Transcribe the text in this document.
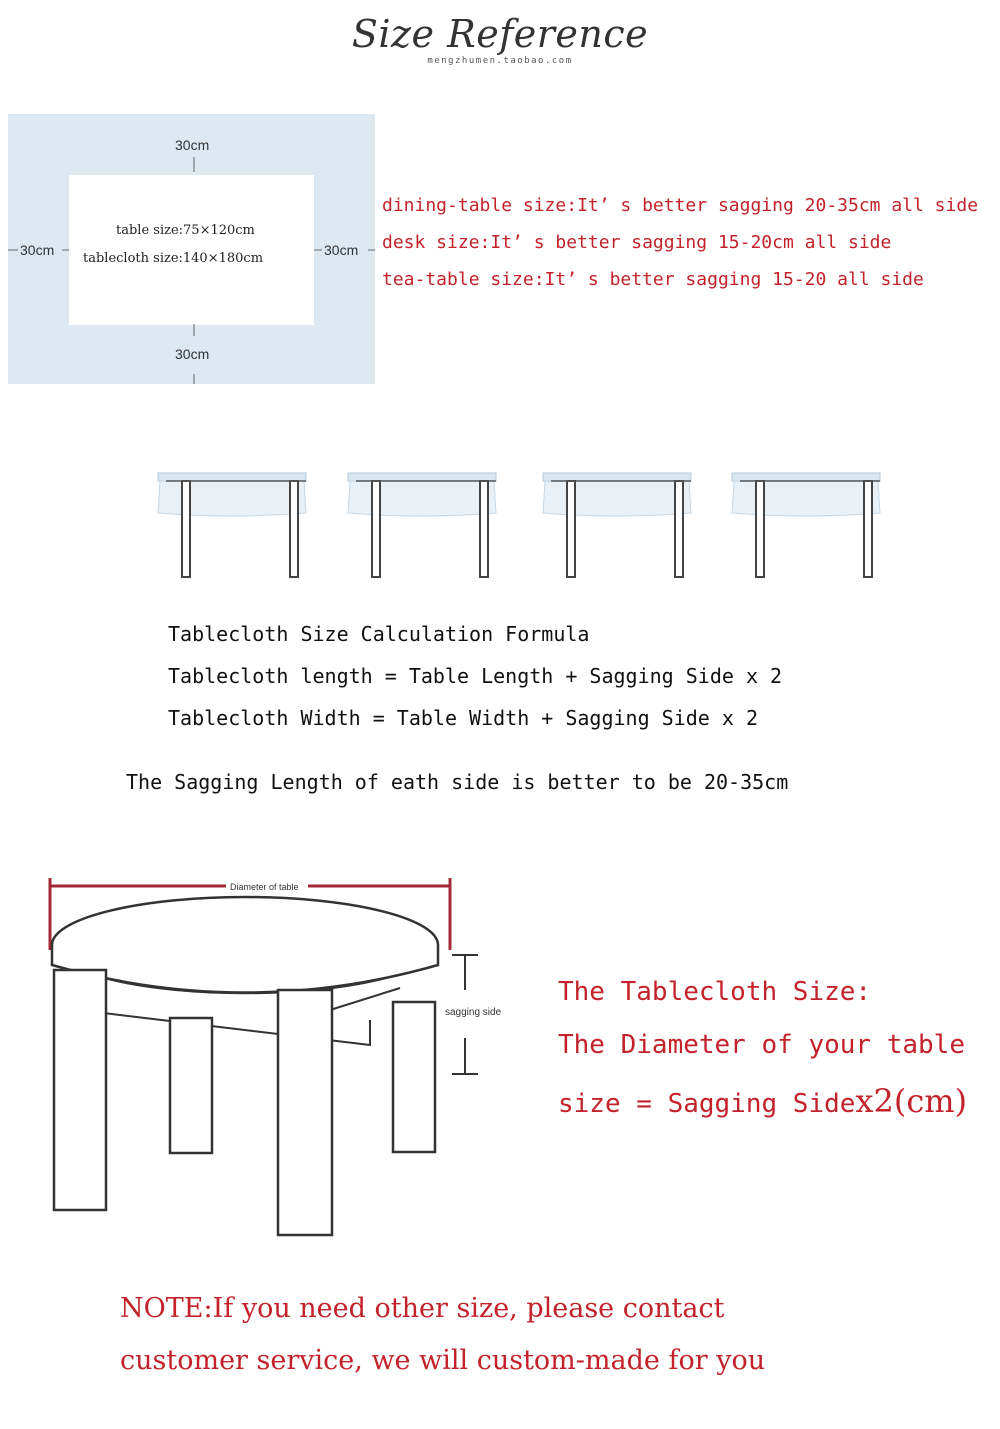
Size Reference
mengzhumen.taobao.com
30cm
30cm
30cm	30cm
table size:75×120cm
tablecloth size:140×180cm
dining-table size:It’ s better sagging 20-35cm all side
desk size:It’ s better sagging 15-20cm all side
tea-table size:It’ s better sagging 15-20 all side
Tablecloth Size Calculation Formula
Tablecloth length = Table Length + Sagging Side x 2
Tablecloth Width = Table Width + Sagging Side x 2
The Sagging Length of eath side is better to be 20-35cm
Diameter of table
sagging side
The Tablecloth Size:
The Diameter of your table
size = Sagging Sidex2(cm)
NOTE:If you need other size, please contact
customer service, we will custom-made for you
